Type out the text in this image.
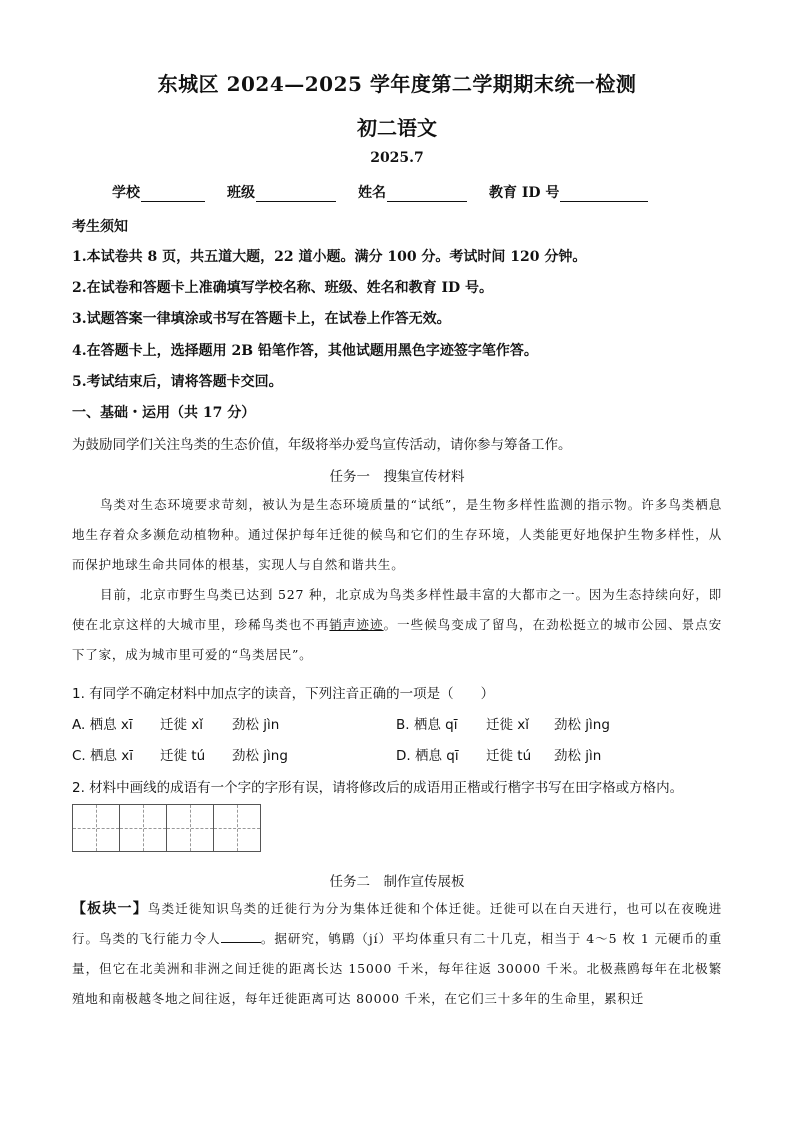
东城区 2024—2025 学年度第二学期期末统一检测
初二语文
2025.7
学校	班级	姓名	教育 ID 号
考生须知
1.本试卷共 8 页，共五道大题，22 道小题。满分 100 分。考试时间 120 分钟。
2.在试卷和答题卡上准确填写学校名称、班级、姓名和教育 ID 号。
3.试题答案一律填涂或书写在答题卡上，在试卷上作答无效。
4.在答题卡上，选择题用 2B 铅笔作答，其他试题用黑色字迹签字笔作答。
5.考试结束后，请将答题卡交回。
一、基础・运用（共 17 分）
为鼓励同学们关注鸟类的生态价值，年级将举办爱鸟宣传活动，请你参与筹备工作。
任务一　搜集宣传材料
鸟类对生态环境要求苛刻，被认为是生态环境质量的“试纸”，是生物多样性监测的指示物。许多鸟类栖息地生存着众多濒危动植物种。通过保护每年迁徙的候鸟和它们的生存环境，人类能更好地保护生物多样性，从而保护地球生命共同体的根基，实现人与自然和谐共生。
目前，北京市野生鸟类已达到 527 种，北京成为鸟类多样性最丰富的大都市之一。因为生态持续向好，即使在北京这样的大城市里，珍稀鸟类也不再销声迹迹。一些候鸟变成了留鸟，在劲松挺立的城市公园、景点安下了家，成为城市里可爱的“鸟类居民”。
1. 有同学不确定材料中加点字的读音，下列注音正确的一项是（　　）
A. 栖息 xī 迁徙 xǐ 劲松 jìn	B. 栖息 qī 迁徙 xǐ 劲松 jìng
C. 栖息 xī 迁徙 tú 劲松 jìng	D. 栖息 qī 迁徙 tú 劲松 jìn
2. 材料中画线的成语有一个字的字形有误，请将修改后的成语用正楷或行楷字书写在田字格或方格内。
任务二　制作宣传展板
【板块一】鸟类迁徙知识鸟类的迁徙行为分为集体迁徙和个体迁徙。迁徙可以在白天进行，也可以在夜晚进行。鸟类的飞行能力令人	。据研究，鸲鹛（jí）平均体重只有二十几克，相当于 4～5 枚 1 元硬币的重量，但它在北美洲和非洲之间迁徙的距离长达 15000 千米，每年往返 30000 千米。北极燕鸥每年在北极繁殖地和南极越冬地之间往返，每年迁徙距离可达 80000 千米，在它们三十多年的生命里，累积迁
